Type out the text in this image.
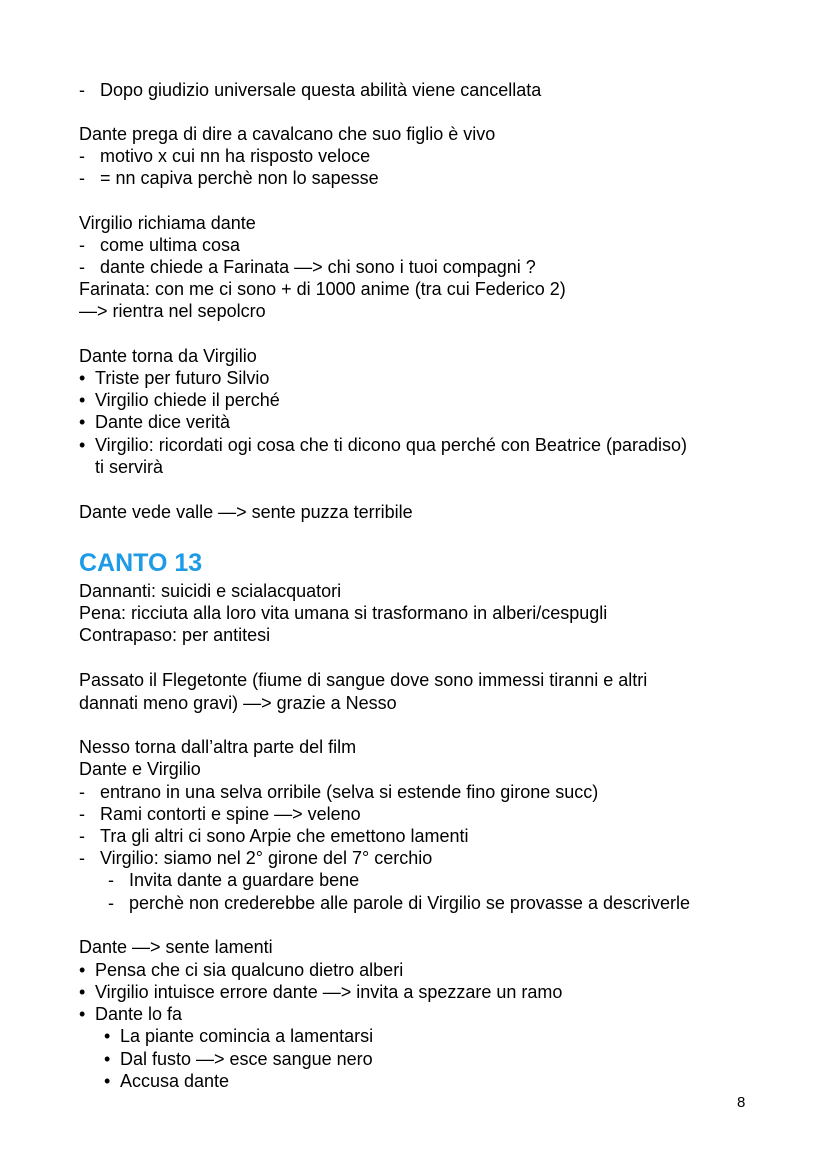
- Dopo giudizio universale questa abilità viene cancellata
Dante prega di dire a cavalcano che suo figlio è vivo
- motivo x cui nn ha risposto veloce
- = nn capiva perchè non lo sapesse
Virgilio richiama dante
- come ultima cosa
- dante chiede a Farinata —> chi sono i tuoi compagni ?
Farinata: con me ci sono + di 1000 anime (tra cui Federico 2)
—> rientra nel sepolcro
Dante torna da Virgilio
• Triste per futuro Silvio
• Virgilio chiede il perché
• Dante dice verità
• Virgilio: ricordati ogi cosa che ti dicono qua perché con Beatrice (paradiso)
ti servirà
Dante vede valle —> sente puzza terribile
CANTO 13
Dannanti: suicidi e scialacquatori
Pena: ricciuta alla loro vita umana si trasformano in alberi/cespugli
Contrapaso: per antitesi
Passato il Flegetonte (fiume di sangue dove sono immessi tiranni e altri
dannati meno gravi) —> grazie a Nesso
Nesso torna dall’altra parte del film
Dante e Virgilio
- entrano in una selva orribile (selva si estende fino girone succ)
- Rami contorti e spine —> veleno
- Tra gli altri ci sono Arpie che emettono lamenti
- Virgilio: siamo nel 2° girone del 7° cerchio
- Invita dante a guardare bene
- perchè non crederebbe alle parole di Virgilio se provasse a descriverle
Dante —> sente lamenti
• Pensa che ci sia qualcuno dietro alberi
• Virgilio intuisce errore dante —> invita a spezzare un ramo
• Dante lo fa
• La piante comincia a lamentarsi
• Dal fusto —> esce sangue nero
• Accusa dante
8
